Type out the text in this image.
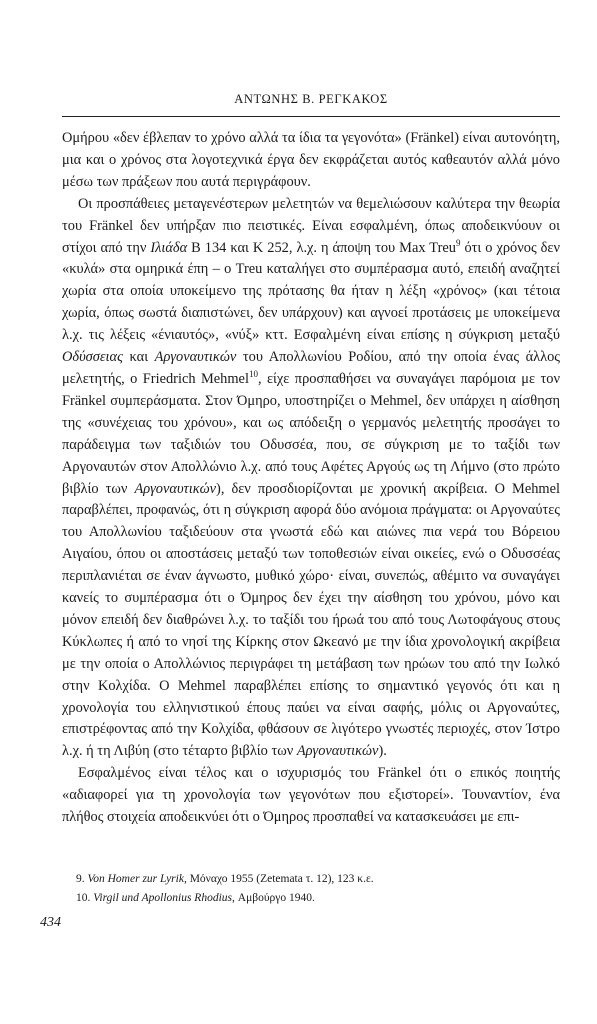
ΑΝΤΩΝΗΣ Β. ΡΕΓΚΑΚΟΣ

Ομήρου «δεν έβλεπαν το χρόνο αλλά τα ίδια τα γεγονότα» (Fränkel) είναι αυτονόητη, μια και ο χρόνος στα λογοτεχνικά έργα δεν εκφράζεται αυτός καθεαυτόν αλλά μόνο μέσω των πράξεων που αυτά περιγράφουν.

Οι προσπάθειες μεταγενέστερων μελετητών να θεμελιώσουν καλύτερα την θεωρία του Fränkel δεν υπήρξαν πιο πειστικές. Είναι εσφαλμένη, όπως αποδεικνύουν οι στίχοι από την Ιλιάδα Β 134 και Κ 252, λ.χ. η άποψη του Max Treu$^9$ ότι ο χρόνος δεν «κυλά» στα ομηρικά έπη – ο Treu καταλήγει στο συμπέρασμα αυτό, επειδή αναζητεί χωρία στα οποία υποκείμενο της πρότασης θα ήταν η λέξη «χρόνος» (και τέτοια χωρία, όπως σωστά διαπιστώνει, δεν υπάρχουν) και αγνοεί προτάσεις με υποκείμενα λ.χ. τις λέξεις «ένιαυτός», «νύξ» κττ. Εσφαλμένη είναι επίσης η σύγκριση μεταξύ Οδύσσειας και Αργοναυτικών του Απολλωνίου Ροδίου, από την οποία ένας άλλος μελετητής, ο Friedrich Mehmel$^{10}$, είχε προσπαθήσει να συναγάγει παρόμοια με τον Fränkel συμπεράσματα. Στον Όμηρο, υποστηρίζει ο Mehmel, δεν υπάρχει η αίσθηση της «συνέχειας του χρόνου», και ως απόδειξη ο γερμανός μελετητής προσάγει το παράδειγμα των ταξιδιών του Οδυσσέα, που, σε σύγκριση με το ταξίδι των Αργοναυτών στον Απολλώνιο λ.χ. από τους Αφέτες Αργούς ως τη Λήμνο (στο πρώτο βιβλίο των Αργοναυτικών), δεν προσδιορίζονται με χρονική ακρίβεια. Ο Mehmel παραβλέπει, προφανώς, ότι η σύγκριση αφορά δύο ανόμοια πράγματα: οι Αργοναύτες του Απολλωνίου ταξιδεύουν στα γνωστά εδώ και αιώνες πια νερά του Βόρειου Αιγαίου, όπου οι αποστάσεις μεταξύ των τοποθεσιών είναι οικείες, ενώ ο Οδυσσέας περιπλανιέται σε έναν άγνωστο, μυθικό χώρο· είναι, συνεπώς, αθέμιτο να συναγάγει κανείς το συμπέρασμα ότι ο Όμηρος δεν έχει την αίσθηση του χρόνου, μόνο και μόνον επειδή δεν διαθρώνει λ.χ. το ταξίδι του ήρωά του από τους Λωτοφάγους στους Κύκλωπες ή από το νησί της Κίρκης στον Ωκεανό με την ίδια χρονολογική ακρίβεια με την οποία ο Απολλώνιος περιγράφει τη μετάβαση των ηρώων του από την Ιωλκό στην Κολχίδα. Ο Mehmel παραβλέπει επίσης το σημαντικό γεγονός ότι και η χρονολογία του ελληνιστικού έπους παύει να είναι σαφής, μόλις οι Αργοναύτες, επιστρέφοντας από την Κολχίδα, φθάσουν σε λιγότερο γνωστές περιοχές, στον Ίστρο λ.χ. ή τη Λιβύη (στο τέταρτο βιβλίο των Αργοναυτικών).

Εσφαλμένος είναι τέλος και ο ισχυρισμός του Fränkel ότι ο επικός ποιητής «αδιαφορεί για τη χρονολογία των γεγονότων που εξιστορεί». Τουναντίον, ένα πλήθος στοιχεία αποδεικνύει ότι ο Όμηρος προσπαθεί να κατασκευάσει με επι-

9. Von Homer zur Lyrik, Μόναχο 1955 (Zetemata τ. 12), 123 κ.ε.
10. Virgil und Apollonius Rhodius, Αμβούργο 1940.
434
